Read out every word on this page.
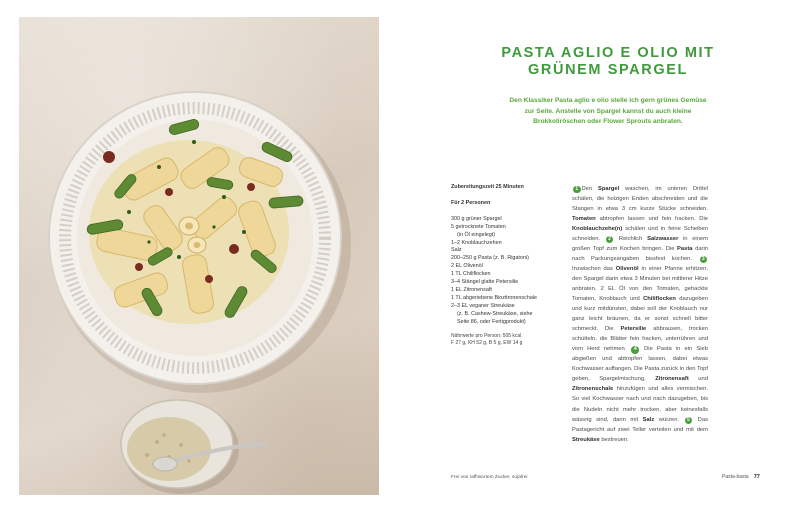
PASTA AGLIO E OLIO MIT
GRÜNEM SPARGEL

Den Klassiker Pasta aglio e olio stelle ich gern grünes Gemüse zur Seite. Anstelle von Spargel kannst du auch kleine Brokkoliröschen oder Flower Sprouts anbraten.

Zubereitungszeit 25 Minuten
Für 2 Personen
300 g grüner Spargel
5 getrocknete Tomaten
(in Öl eingelegt)
1–2 Knoblauchzehen
Salz
200–250 g Pasta (z. B. Rigatoni)
2 EL Olivenöl
1 TL Chiliflocken
3–4 Stängel glatte Petersilie
1 EL Zitronensaft
1 TL abgeriebene Biozitronenschale
2–3 EL veganer Streukäse
(z. B. Cashew-Streukäse, siehe
Seite 86, oder Fertigprodukt)
Nährwerte pro Person: 505 kcal
F 27 g, KH 52 g, B 5 g, EW 14 g
1 Den Spargel waschen, im unteren Drittel schälen, die holzigen Enden abschneiden und die Stangen in etwa 3 cm kurze Stücke schneiden. Tomaten abtropfen lassen und fein hacken. Die Knoblauchzehe(n) schälen und in feine Scheiben schneiden. 2 Reichlich Salzwasser in einem großen Topf zum Kochen bringen. Die Pasta darin nach Packungsangaben bissfest kochen. 3 Inzwischen das Olivenöl in einer Pfanne erhitzen, den Spargel darin etwa 3 Minuten bei mittlerer Hitze anbraten. 2 EL Öl von den Tomaten, gehackte Tomaten, Knoblauch und Chiliflocken dazugeben und kurz mitdünsten, dabei soll der Knoblauch nur ganz leicht bräunen, da er sonst schnell bitter schmeckt. Die Petersilie abbrausen, trocken schütteln, die Blätter fein hacken, unterrühren und vom Herd nehmen. 4 Die Pasta in ein Sieb abgießen und abtropfen lassen, dabei etwas Kochwasser auffangen. Die Pasta zurück in den Topf geben, Spargelmischung, Zitronensaft und Zitronenschale hinzufügen und alles vermischen. So viel Kochwasser nach und nach dazugeben, bis die Nudeln nicht mehr trocken, aber keinesfalls wässrig sind, dann mit Salz würzen. 5 Das Pastagericht auf zwei Teller verteilen und mit dem Streukäse bestreuen.
Frei von raffiniertem Zucker, sojafrei	Pasta-basta 77
